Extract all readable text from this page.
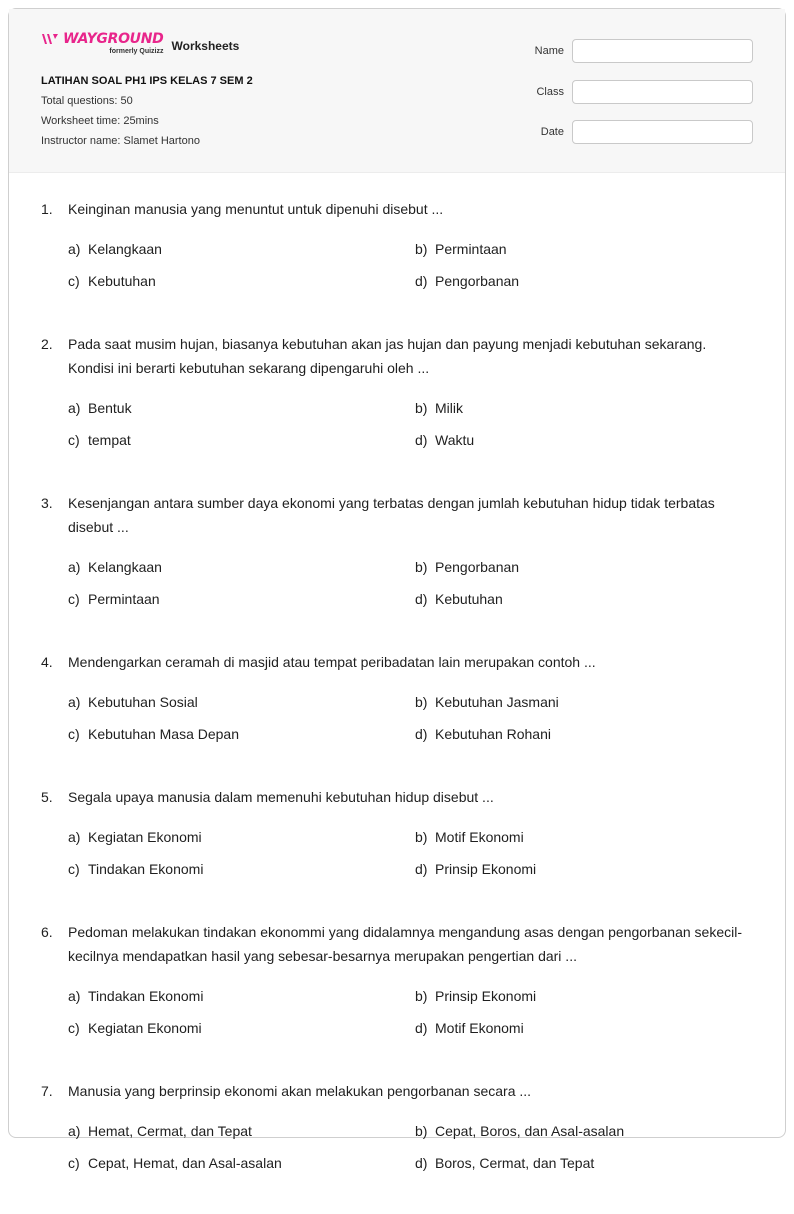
WAYGROUND
formerly Quizizz Worksheets
LATIHAN SOAL PH1 IPS KELAS 7 SEM 2
Total questions: 50
Worksheet time: 25mins
Instructor name: Slamet Hartono
Name
Class
Date
1.	Keinginan manusia yang menuntut untuk dipenuhi disebut ...
a) Kelangkaan	b) Permintaan
c) Kebutuhan	d) Pengorbanan
2.	Pada saat musim hujan, biasanya kebutuhan akan jas hujan dan payung menjadi kebutuhan sekarang. Kondisi ini berarti kebutuhan sekarang dipengaruhi oleh ...
a) Bentuk	b) Milik
c) tempat	d) Waktu
3.	Kesenjangan antara sumber daya ekonomi yang terbatas dengan jumlah kebutuhan hidup tidak terbatas disebut ...
a) Kelangkaan	b) Pengorbanan
c) Permintaan	d) Kebutuhan
4.	Mendengarkan ceramah di masjid atau tempat peribadatan lain merupakan contoh ...
a) Kebutuhan Sosial	b) Kebutuhan Jasmani
c) Kebutuhan Masa Depan	d) Kebutuhan Rohani
5.	Segala upaya manusia dalam memenuhi kebutuhan hidup disebut ...
a) Kegiatan Ekonomi	b) Motif Ekonomi
c) Tindakan Ekonomi	d) Prinsip Ekonomi
6.	Pedoman melakukan tindakan ekonommi yang didalamnya mengandung asas dengan pengorbanan sekecil-kecilnya mendapatkan hasil yang sebesar-besarnya merupakan pengertian dari ...
a) Tindakan Ekonomi	b) Prinsip Ekonomi
c) Kegiatan Ekonomi	d) Motif Ekonomi
7.	Manusia yang berprinsip ekonomi akan melakukan pengorbanan secara ...
a) Hemat, Cermat, dan Tepat	b) Cepat, Boros, dan Asal-asalan
c) Cepat, Hemat, dan Asal-asalan	d) Boros, Cermat, dan Tepat
